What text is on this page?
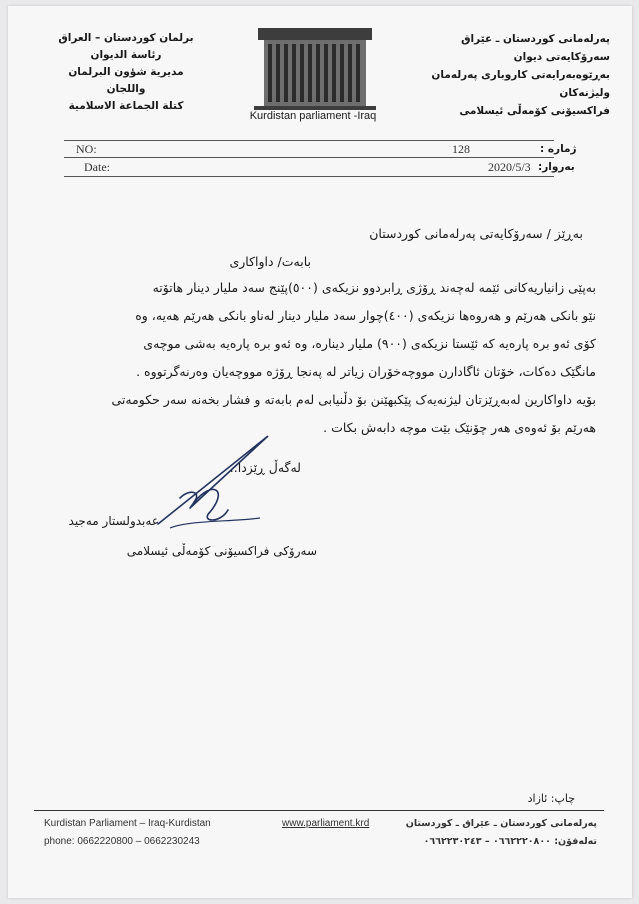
برلمان كوردستان – العراق
رئاسة الديوان
مديرية شؤون البرلمان واللجان
كتلة الجماعة الاسلامية
پەرلەمانی کوردستان ـ عێراق
سەرۆکایەتی دیوان
بەڕێوەبەرایەتی کاروباری پەرلەمان ولیژنەکان
فراكسیۆنی كۆمەڵی ئیسلامی
Kurdistan parliament -Iraq
NO:	128	ژمارە :
Date:	2020/5/3 بەروار:
بەڕێز / سەرۆکایەتی پەرلەمانی کوردستان
بابەت/ داواکاری
بەپێی زانیاریەکانی ئێمە لەچەند ڕۆژی ڕابردوو نزیکەی (٥٠٠)پێنج سەد ملیار دینار هاتۆتە
نێو بانکی هەرێم و هەروەها نزیکەی (٤٠٠)چوار سەد ملیار دینار لەناو بانکی هەرێم هەیە، وە
کۆی ئەو برە پارەیە کە ئێستا نزیکەی (٩٠٠) ملیار دینارە، وە ئەو برە پارەیە بەشی موچەی
مانگێک دەکات، خۆتان ئاگادارن مووچەخۆران زیاتر لە پەنجا ڕۆژە مووچەیان وەرنەگرتووە .
بۆیە داواکارین لەبەڕێزتان لیژنەیەک پێکبهێنن بۆ دڵنیابی لەم بابەتە و فشار بخەنە سەر حکومەتی
هەرێم بۆ ئەوەی هەر چۆنێک بێت موچە دابەش بکات .
لەگەڵ ڕێزدا..
عەبدولستار مەجید
سەرۆکی فراکسیۆنی کۆمەڵی ئیسلامی
چاپ: ئازاد
Kurdistan Parliament – Iraq-Kurdistan
phone: 0662220800 – 0662230243
www.parliament.krd	پەرلەمانی کوردستان ـ عێراق ـ کوردستان
تەلەفۆن: ٠٦٦٢٢٢٠٨٠٠ – ٠٦٦٢٢٣٠٢٤٣
